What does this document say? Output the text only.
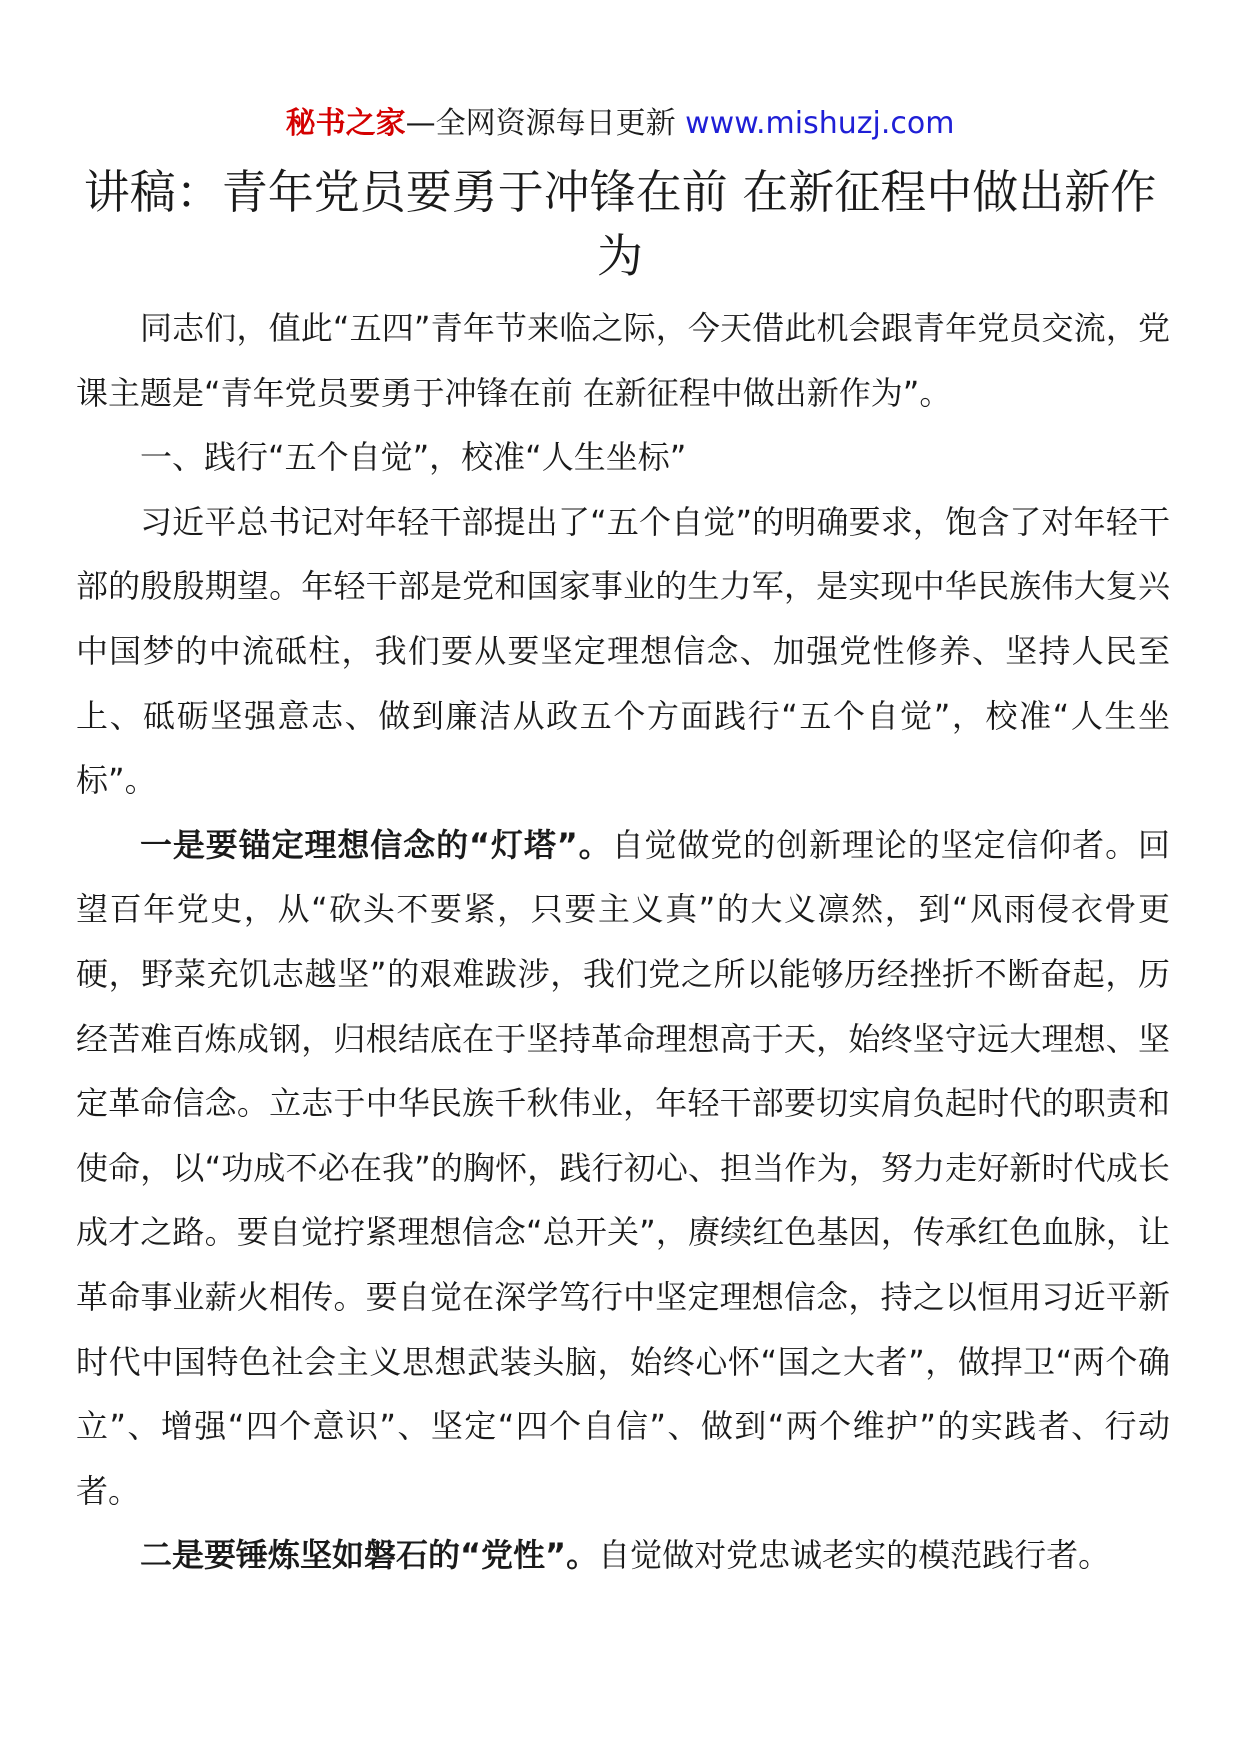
秘书之家—全网资源每日更新 www.mishuzj.com
讲稿：青年党员要勇于冲锋在前 在新征程中做出新作为

同志们，值此“五四”青年节来临之际，今天借此机会跟青年党员交流，党课主题是“青年党员要勇于冲锋在前 在新征程中做出新作为”。

一、践行“五个自觉”，校准“人生坐标”

习近平总书记对年轻干部提出了“五个自觉”的明确要求，饱含了对年轻干部的殷殷期望。年轻干部是党和国家事业的生力军，是实现中华民族伟大复兴中国梦的中流砥柱，我们要从要坚定理想信念、加强党性修养、坚持人民至上、砥砺坚强意志、做到廉洁从政五个方面践行“五个自觉”，校准“人生坐标”。

一是要锚定理想信念的“灯塔”。自觉做党的创新理论的坚定信仰者。回望百年党史，从“砍头不要紧，只要主义真”的大义凛然，到“风雨侵衣骨更硬，野菜充饥志越坚”的艰难跋涉，我们党之所以能够历经挫折不断奋起，历经苦难百炼成钢，归根结底在于坚持革命理想高于天，始终坚守远大理想、坚定革命信念。立志于中华民族千秋伟业，年轻干部要切实肩负起时代的职责和使命，以“功成不必在我”的胸怀，践行初心、担当作为，努力走好新时代成长成才之路。要自觉拧紧理想信念“总开关”，赓续红色基因，传承红色血脉，让革命事业薪火相传。要自觉在深学笃行中坚定理想信念，持之以恒用习近平新时代中国特色社会主义思想武装头脑，始终心怀“国之大者”，做捍卫“两个确立”、增强“四个意识”、坚定“四个自信”、做到“两个维护”的实践者、行动者。

二是要锤炼坚如磐石的“党性”。自觉做对党忠诚老实的模范践行者。
